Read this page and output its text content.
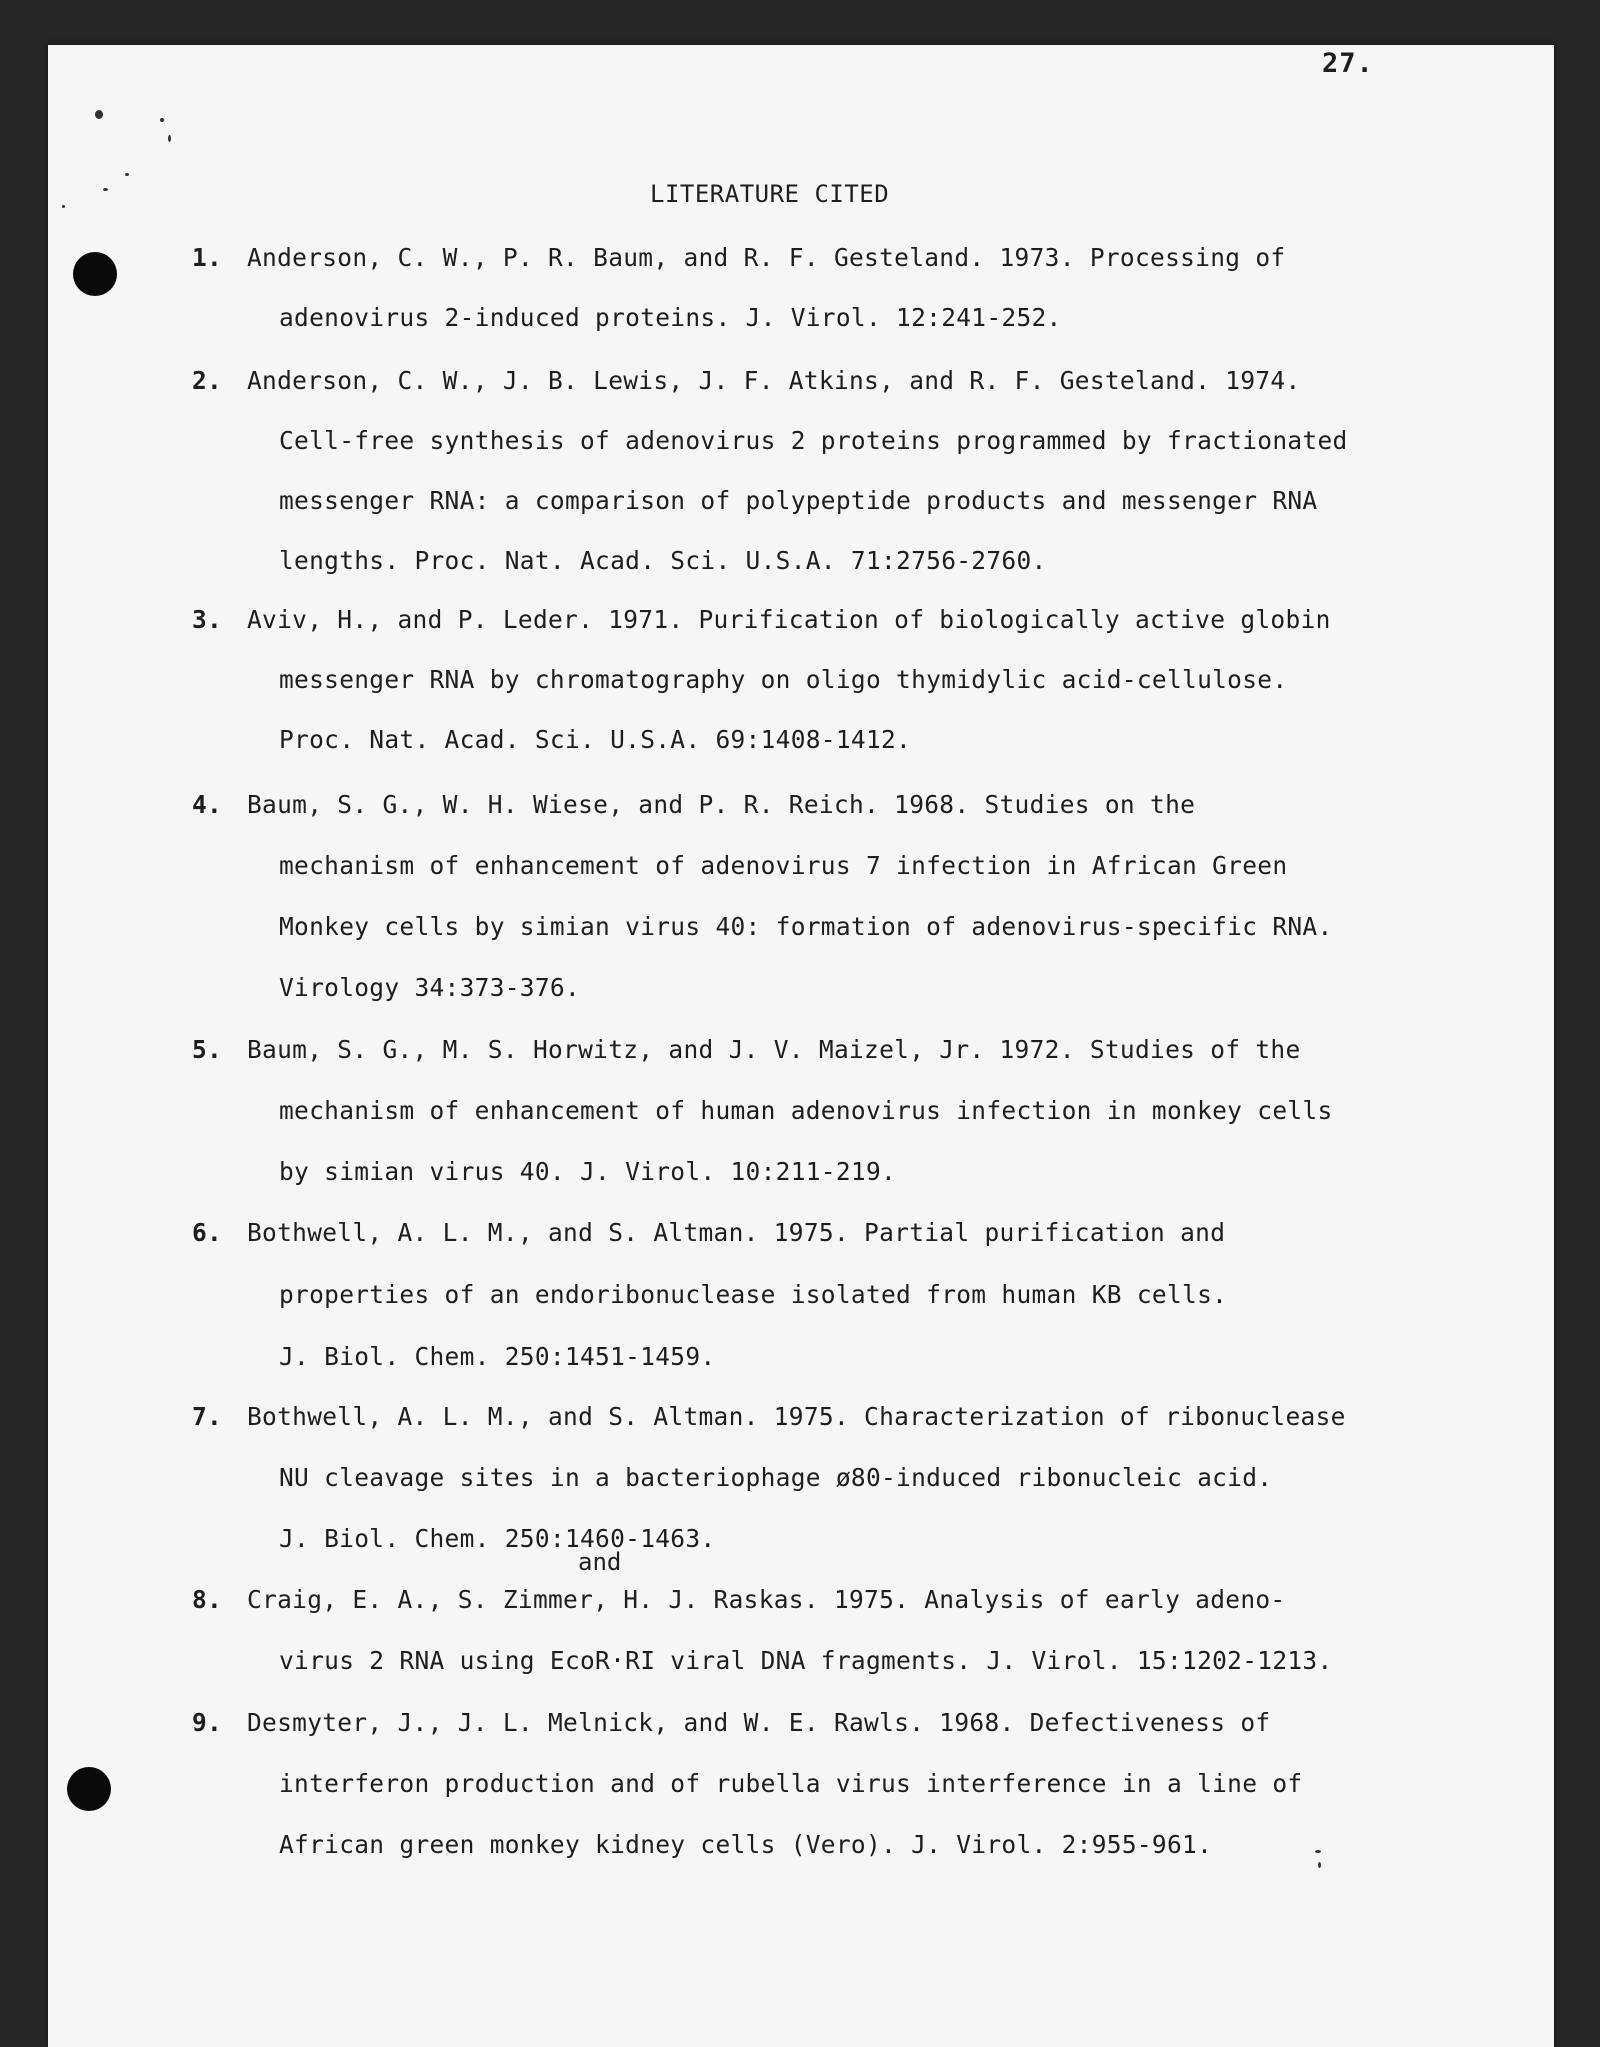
27.
LITERATURE CITED
1. Anderson, C. W., P. R. Baum, and R. F. Gesteland. 1973. Processing of
adenovirus 2-induced proteins. J. Virol. 12:241-252.
2. Anderson, C. W., J. B. Lewis, J. F. Atkins, and R. F. Gesteland. 1974.
Cell-free synthesis of adenovirus 2 proteins programmed by fractionated
messenger RNA: a comparison of polypeptide products and messenger RNA
lengths. Proc. Nat. Acad. Sci. U.S.A. 71:2756-2760.
3. Aviv, H., and P. Leder. 1971. Purification of biologically active globin
messenger RNA by chromatography on oligo thymidylic acid-cellulose.
Proc. Nat. Acad. Sci. U.S.A. 69:1408-1412.
4. Baum, S. G., W. H. Wiese, and P. R. Reich. 1968. Studies on the
mechanism of enhancement of adenovirus 7 infection in African Green
Monkey cells by simian virus 40: formation of adenovirus-specific RNA.
Virology 34:373-376.
5. Baum, S. G., M. S. Horwitz, and J. V. Maizel, Jr. 1972. Studies of the
mechanism of enhancement of human adenovirus infection in monkey cells
by simian virus 40. J. Virol. 10:211-219.
6. Bothwell, A. L. M., and S. Altman. 1975. Partial purification and
properties of an endoribonuclease isolated from human KB cells.
J. Biol. Chem. 250:1451-1459.
7. Bothwell, A. L. M., and S. Altman. 1975. Characterization of ribonuclease
NU cleavage sites in a bacteriophage ø80-induced ribonucleic acid.
J. Biol. Chem. 250:1460-1463.
and
8. Craig, E. A., S. Zimmer, H. J. Raskas. 1975. Analysis of early adeno-
virus 2 RNA using EcoR·RI viral DNA fragments. J. Virol. 15:1202-1213.
9. Desmyter, J., J. L. Melnick, and W. E. Rawls. 1968. Defectiveness of
interferon production and of rubella virus interference in a line of
African green monkey kidney cells (Vero). J. Virol. 2:955-961.
